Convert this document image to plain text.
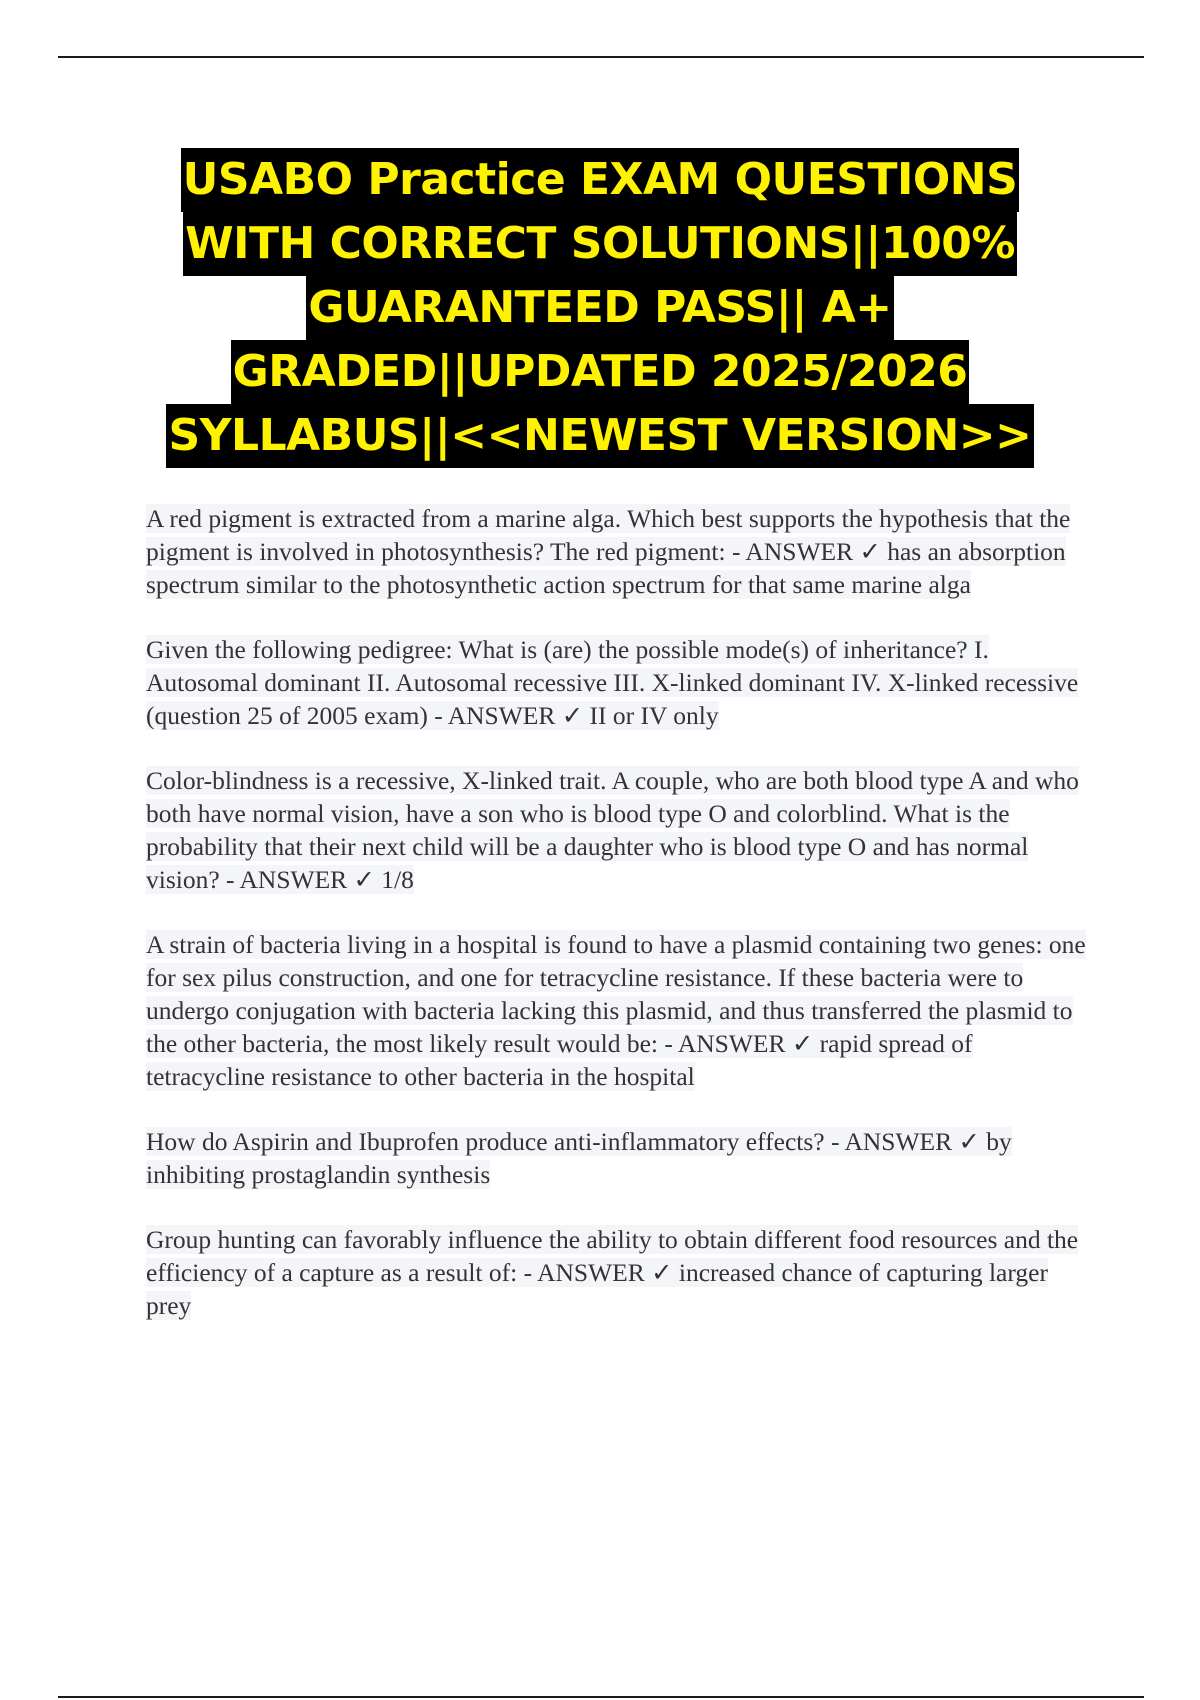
USABO Practice EXAM QUESTIONS
WITH CORRECT SOLUTIONS||100%
GUARANTEED PASS|| A+
GRADED||UPDATED 2025/2026
SYLLABUS||<<NEWEST VERSION>>

A red pigment is extracted from a marine alga. Which best supports the hypothesis that the pigment is involved in photosynthesis? The red pigment: - ANSWER ✓ has an absorption spectrum similar to the photosynthetic action spectrum for that same marine alga

Given the following pedigree: What is (are) the possible mode(s) of inheritance? I. Autosomal dominant II. Autosomal recessive III. X-linked dominant IV. X-linked recessive (question 25 of 2005 exam) - ANSWER ✓ II or IV only

Color-blindness is a recessive, X-linked trait. A couple, who are both blood type A and who both have normal vision, have a son who is blood type O and colorblind. What is the probability that their next child will be a daughter who is blood type O and has normal vision? - ANSWER ✓ 1/8

A strain of bacteria living in a hospital is found to have a plasmid containing two genes: one for sex pilus construction, and one for tetracycline resistance. If these bacteria were to undergo conjugation with bacteria lacking this plasmid, and thus transferred the plasmid to the other bacteria, the most likely result would be: - ANSWER ✓ rapid spread of tetracycline resistance to other bacteria in the hospital

How do Aspirin and Ibuprofen produce anti-inflammatory effects? - ANSWER ✓ by inhibiting prostaglandin synthesis

Group hunting can favorably influence the ability to obtain different food resources and the efficiency of a capture as a result of: - ANSWER ✓ increased chance of capturing larger prey
